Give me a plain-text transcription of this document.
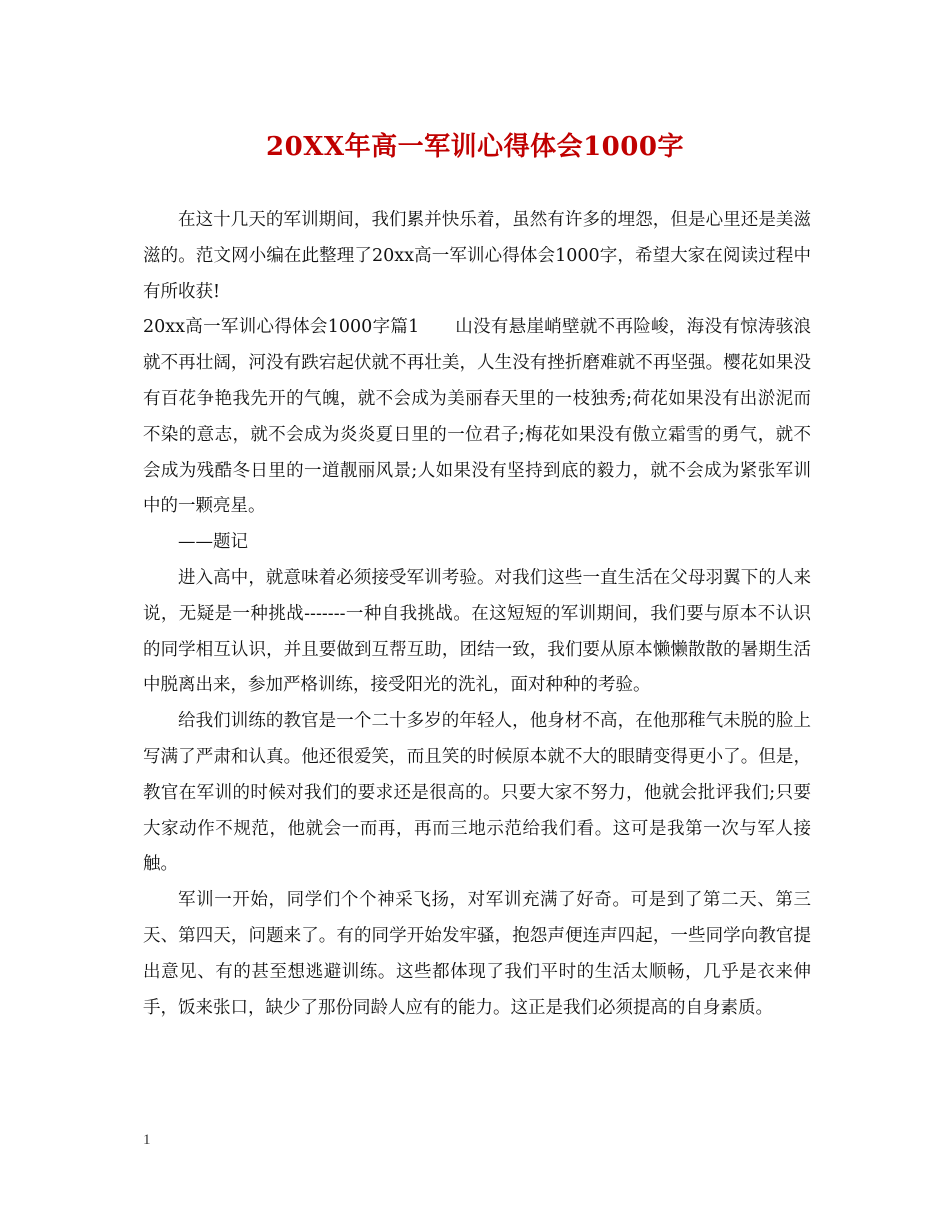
20XX年高一军训心得体会1000字

在这十几天的军训期间，我们累并快乐着，虽然有许多的埋怨，但是心里还是美滋滋的。范文网小编在此整理了20xx高一军训心得体会1000字，希望大家在阅读过程中有所收获!

20xx高一军训心得体会1000字篇1　　山没有悬崖峭壁就不再险峻，海没有惊涛骇浪就不再壮阔，河没有跌宕起伏就不再壮美，人生没有挫折磨难就不再坚强。樱花如果没有百花争艳我先开的气魄，就不会成为美丽春天里的一枝独秀;荷花如果没有出淤泥而不染的意志，就不会成为炎炎夏日里的一位君子;梅花如果没有傲立霜雪的勇气，就不会成为残酷冬日里的一道靓丽风景;人如果没有坚持到底的毅力，就不会成为紧张军训中的一颗亮星。

——题记

进入高中，就意味着必须接受军训考验。对我们这些一直生活在父母羽翼下的人来说，无疑是一种挑战-------一种自我挑战。在这短短的军训期间，我们要与原本不认识的同学相互认识，并且要做到互帮互助，团结一致，我们要从原本懒懒散散的暑期生活中脱离出来，参加严格训练，接受阳光的洗礼，面对种种的考验。

给我们训练的教官是一个二十多岁的年轻人，他身材不高，在他那稚气未脱的脸上写满了严肃和认真。他还很爱笑，而且笑的时候原本就不大的眼睛变得更小了。但是，教官在军训的时候对我们的要求还是很高的。只要大家不努力，他就会批评我们;只要大家动作不规范，他就会一而再，再而三地示范给我们看。这可是我第一次与军人接触。

军训一开始，同学们个个神采飞扬，对军训充满了好奇。可是到了第二天、第三天、第四天，问题来了。有的同学开始发牢骚，抱怨声便连声四起，一些同学向教官提出意见、有的甚至想逃避训练。这些都体现了我们平时的生活太顺畅，几乎是衣来伸手，饭来张口，缺少了那份同龄人应有的能力。这正是我们必须提高的自身素质。

1
